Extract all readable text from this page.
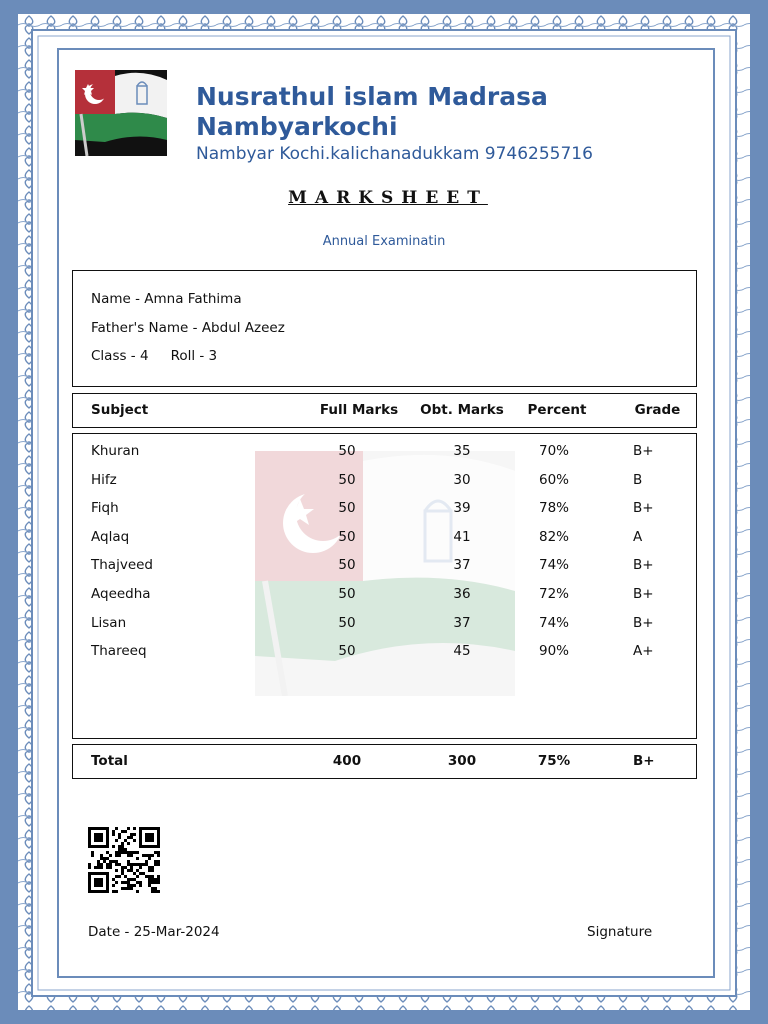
Nusrathul islam Madrasa Nambyarkochi
Nambyar Kochi.kalichanadukkam 9746255716
MARKSHEET
Annual Examinatin
Name - Amna Fathima
Father's Name - Abdul Azeez
Class - 4 Roll - 3
Subject	Full Marks	Obt. Marks	Percent	Grade
Khuran	50	35	70%	B+
Hifz	50	30	60%	B
Fiqh	50	39	78%	B+
Aqlaq	50	41	82%	A
Thajveed	50	37	74%	B+
Aqeedha	50	36	72%	B+
Lisan	50	37	74%	B+
Thareeq	50	45	90%	A+
Total	400	300	75%	B+
Date - 25-Mar-2024	Signature
